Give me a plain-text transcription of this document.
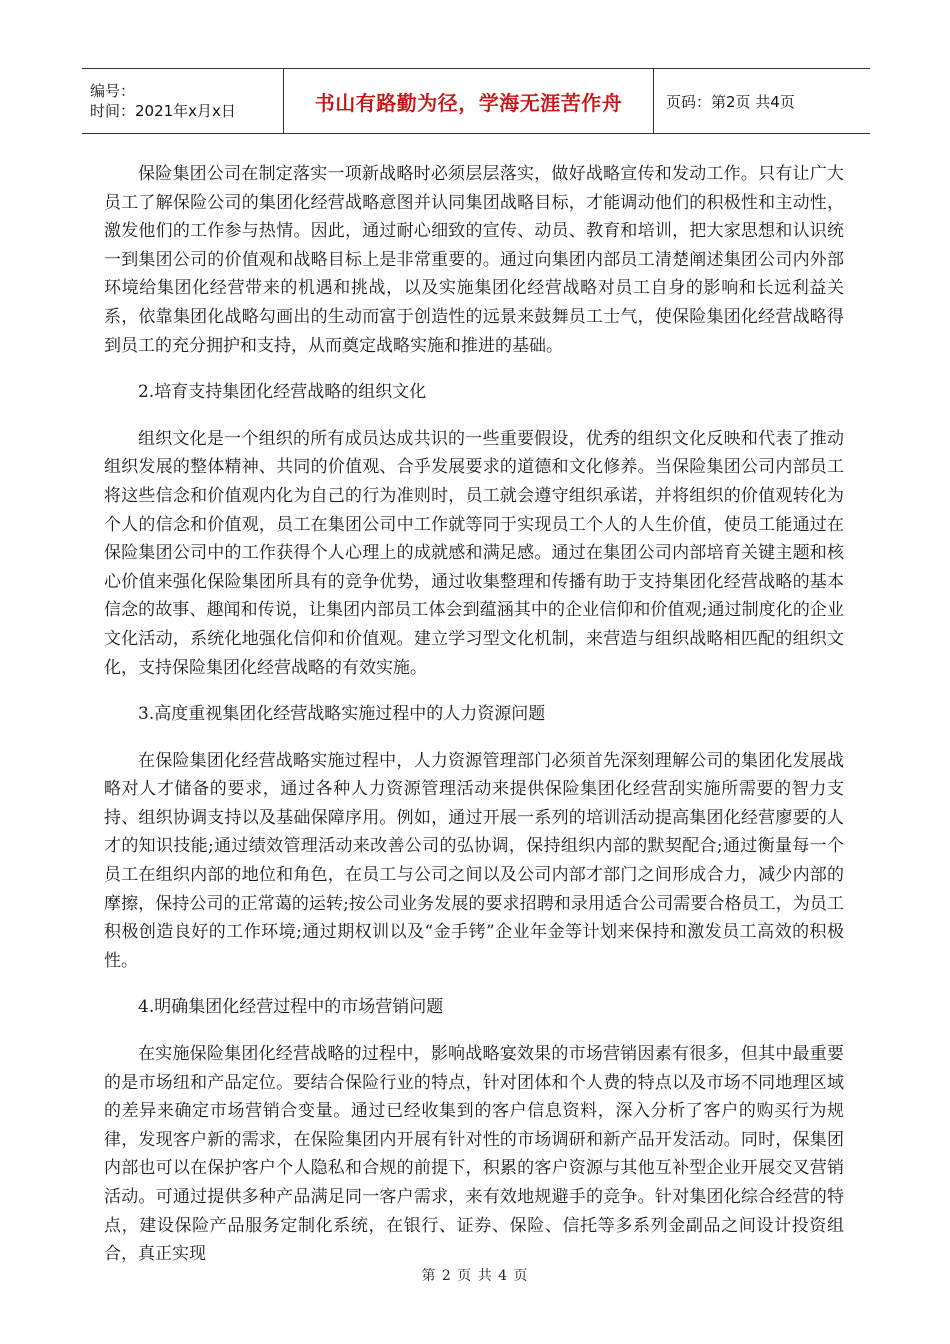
编号：
时间：2021年x月x日	书山有路勤为径，学海无涯苦作舟	页码：第2页 共4页

保险集团公司在制定落实一项新战略时必须层层落实，做好战略宣传和发动工作。只有让广大员工了解保险公司的集团化经营战略意图并认同集团战略目标，才能调动他们的积极性和主动性，激发他们的工作参与热情。因此，通过耐心细致的宣传、动员、教育和培训，把大家思想和认识统一到集团公司的价值观和战略目标上是非常重要的。通过向集团内部员工清楚阐述集团公司内外部环境给集团化经营带来的机遇和挑战，以及实施集团化经营战略对员工自身的影响和长远利益关系，依靠集团化战略勾画出的生动而富于创造性的远景来鼓舞员工士气，使保险集团化经营战略得到员工的充分拥护和支持，从而奠定战略实施和推进的基础。

2.培育支持集团化经营战略的组织文化

组织文化是一个组织的所有成员达成共识的一些重要假设，优秀的组织文化反映和代表了推动组织发展的整体精神、共同的价值观、合乎发展要求的道德和文化修养。当保险集团公司内部员工将这些信念和价值观内化为自己的行为准则时，员工就会遵守组织承诺，并将组织的价值观转化为个人的信念和价值观，员工在集团公司中工作就等同于实现员工个人的人生价值，使员工能通过在保险集团公司中的工作获得个人心理上的成就感和满足感。通过在集团公司内部培育关键主题和核心价值来强化保险集团所具有的竞争优势，通过收集整理和传播有助于支持集团化经营战略的基本信念的故事、趣闻和传说，让集团内部员工体会到蕴涵其中的企业信仰和价值观;通过制度化的企业文化活动，系统化地强化信仰和价值观。建立学习型文化机制，来营造与组织战略相匹配的组织文化，支持保险集团化经营战略的有效实施。

3.高度重视集团化经营战略实施过程中的人力资源问题

在保险集团化经营战略实施过程中，人力资源管理部门必须首先深刻理解公司的集团化发展战略对人才储备的要求，通过各种人力资源管理活动来提供保险集团化经营刮实施所需要的智力支持、组织协调支持以及基础保障序用。例如，通过开展一系列的培训活动提高集团化经营廖要的人才的知识技能;通过绩效管理活动来改善公司的弘协调，保持组织内部的默契配合;通过衡量每一个员工在组织内部的地位和角色，在员工与公司之间以及公司内部才部门之间形成合力，减少内部的摩擦，保持公司的正常蔼的运转;按公司业务发展的要求招聘和录用适合公司需要合格员工，为员工积极创造良好的工作环境;通过期权训以及“金手铐”企业年金等计划来保持和激发员工高效的积极性。

4.明确集团化经营过程中的市场营销问题

在实施保险集团化经营战略的过程中，影响战略宴效果的市场营销因素有很多，但其中最重要的是市场纽和产品定位。要结合保险行业的特点，针对团体和个人费的特点以及市场不同地理区域的差异来确定市场营销合变量。通过已经收集到的客户信息资料，深入分析了客户的购买行为规律，发现客户新的需求，在保险集团内开展有针对性的市场调研和新产品开发活动。同时，保集团内部也可以在保护客户个人隐私和合规的前提下，积累的客户资源与其他互补型企业开展交叉营销活动。可通过提供多种产品满足同一客户需求，来有效地规避手的竞争。针对集团化综合经营的特点，建设保险产品服务定制化系统，在银行、证券、保险、信托等多系列金副品之间设计投资组合，真正实现

第 2 页 共 4 页
